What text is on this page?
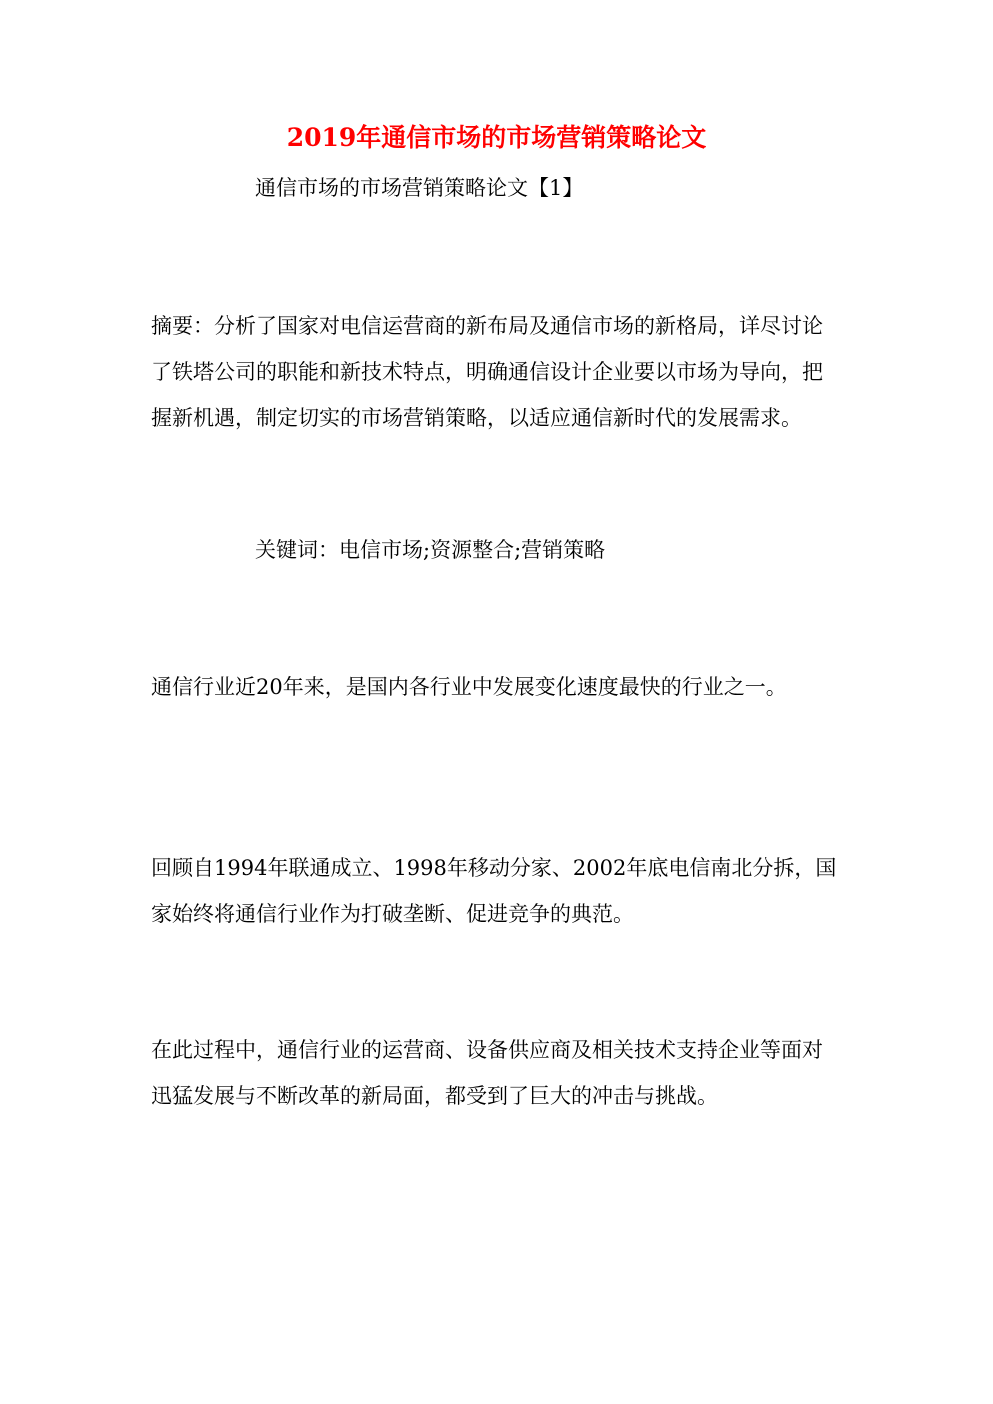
2019年通信市场的市场营销策略论文
通信市场的市场营销策略论文【1】
摘要：分析了国家对电信运营商的新布局及通信市场的新格局，详尽讨论了铁塔公司的职能和新技术特点，明确通信设计企业要以市场为导向，把握新机遇，制定切实的市场营销策略，以适应通信新时代的发展需求。
关键词：电信市场;资源整合;营销策略
通信行业近20年来，是国内各行业中发展变化速度最快的行业之一。
回顾自1994年联通成立、1998年移动分家、2002年底电信南北分拆，国家始终将通信行业作为打破垄断、促进竞争的典范。
在此过程中，通信行业的运营商、设备供应商及相关技术支持企业等面对迅猛发展与不断改革的新局面，都受到了巨大的冲击与挑战。
